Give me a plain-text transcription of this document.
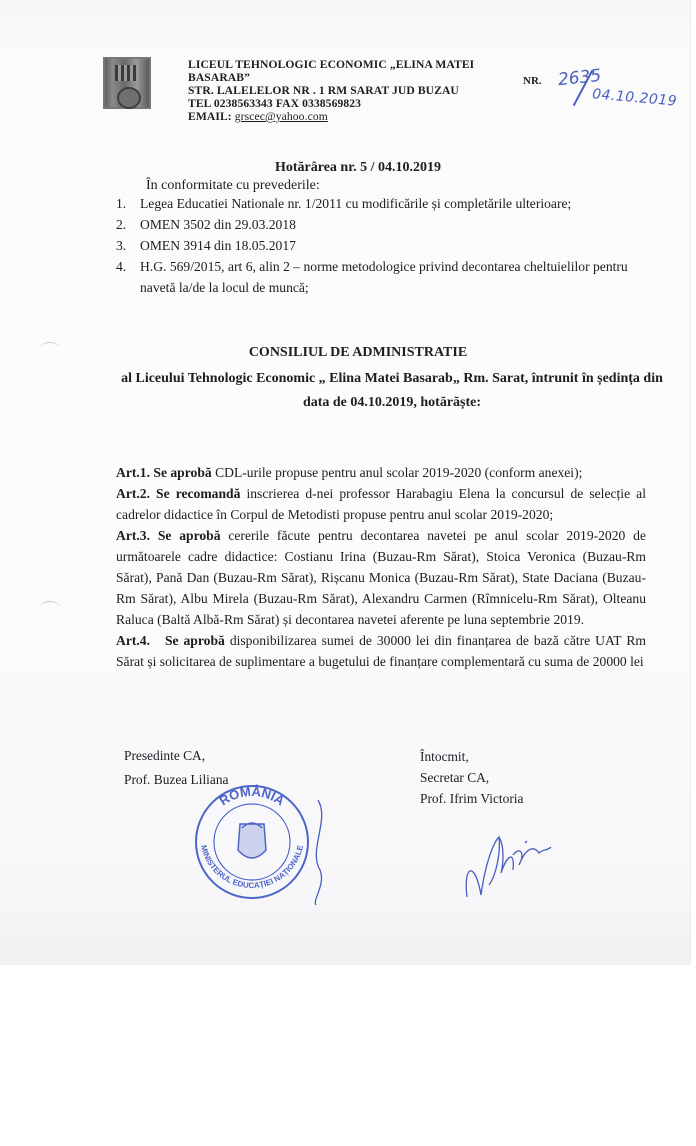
LICEUL TEHNOLOGIC ECONOMIC „ELINA MATEI
BASARAB”
STR. LALELELOR NR . 1 RM SARAT JUD BUZAU
TEL 0238563343 FAX 0338569823
EMAIL: grscec@yahoo.com
NR. 2635
04.10.2019
Hotărârea nr. 5 / 04.10.2019
În conformitate cu prevederile:
1.	Legea Educatiei Nationale nr. 1/2011 cu modificările și completările ulterioare;
2.	OMEN 3502 din 29.03.2018
3.	OMEN 3914 din 18.05.2017
4.	H.G. 569/2015, art 6, alin 2 – norme metodologice privind decontarea cheltuielilor pentru navetă la/de la locul de muncă;
CONSILIUL DE ADMINISTRATIE
al Liceului Tehnologic Economic „ Elina Matei Basarab„ Rm. Sarat, întrunit în ședința din
data de 04.10.2019, hotărăște:

Art.1. Se aprobă CDL-urile propuse pentru anul scolar 2019-2020 (conform anexei);

Art.2. Se recomandă inscrierea d-nei professor Harabagiu Elena la concursul de selecție al cadrelor didactice în Corpul de Metodisti propuse pentru anul scolar 2019-2020;

Art.3. Se aprobă cererile făcute pentru decontarea navetei pe anul scolar 2019-2020 de următoarele cadre didactice: Costianu Irina (Buzau-Rm Sărat), Stoica Veronica (Buzau-Rm Sărat), Pană Dan (Buzau-Rm Sărat), Rișcanu Monica (Buzau-Rm Sărat), State Daciana (Buzau-Rm Sărat), Albu Mirela (Buzau-Rm Sărat), Alexandru Carmen (Rîmnicelu-Rm Sărat), Olteanu Raluca (Baltă Albă-Rm Sărat) și decontarea navetei aferente pe luna septembrie 2019.

Art.4. Se aprobă disponibilizarea sumei de 30000 lei din finanțarea de bază către UAT Rm Sărat și solicitarea de suplimentare a bugetului de finanțare complementară cu suma de 20000 lei

Presedinte CA,
Prof. Buzea Liliana
Întocmit,
Secretar CA,
Prof. Ifrim Victoria
ROMÂNIA
MINISTERUL EDUCAȚIEI NAȚIONALE
